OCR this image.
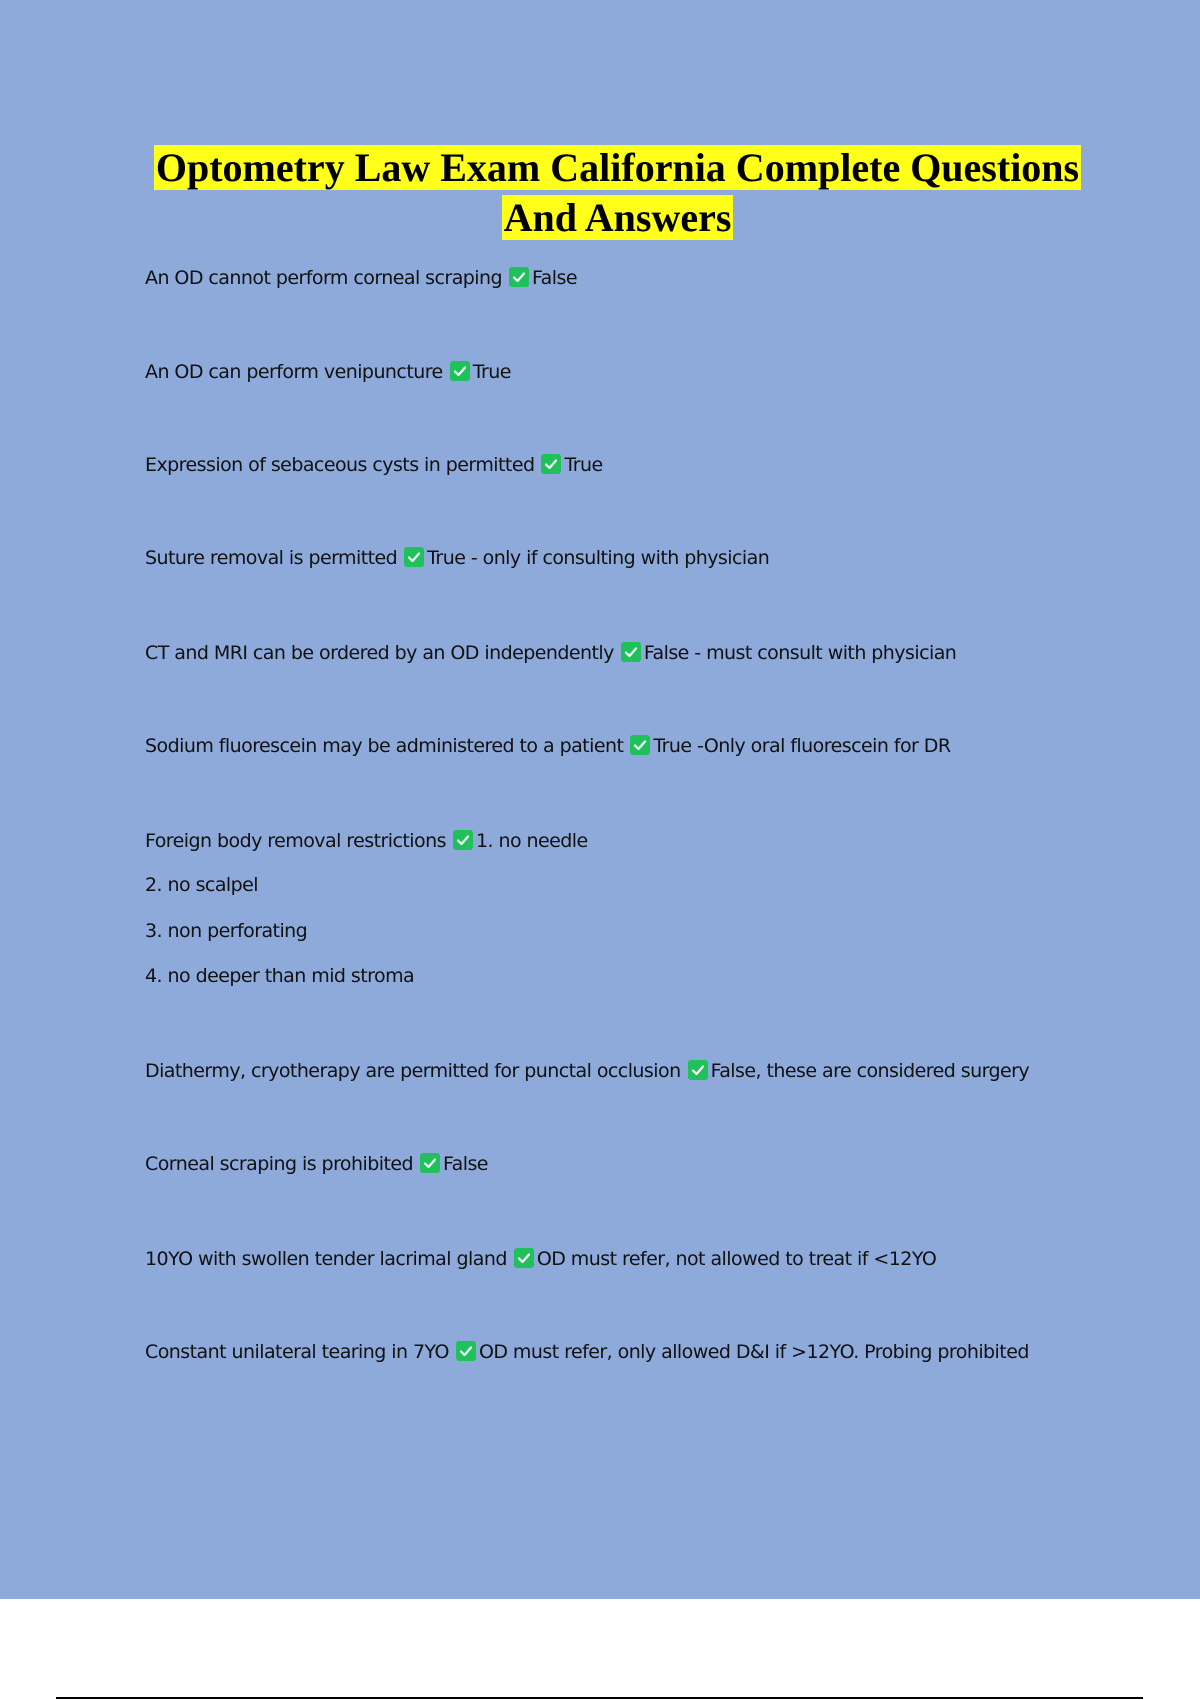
Optometry Law Exam California Complete Questions
And Answers
An OD cannot perform corneal scraping False
An OD can perform venipuncture True
Expression of sebaceous cysts in permitted True
Suture removal is permitted True - only if consulting with physician
CT and MRI can be ordered by an OD independently False - must consult with physician
Sodium fluorescein may be administered to a patient True -Only oral fluorescein for DR
Foreign body removal restrictions 1. no needle
2. no scalpel
3. non perforating
4. no deeper than mid stroma
Diathermy, cryotherapy are permitted for punctal occlusion False, these are considered surgery
Corneal scraping is prohibited False
10YO with swollen tender lacrimal gland OD must refer, not allowed to treat if <12YO
Constant unilateral tearing in 7YO OD must refer, only allowed D&I if >12YO. Probing prohibited
